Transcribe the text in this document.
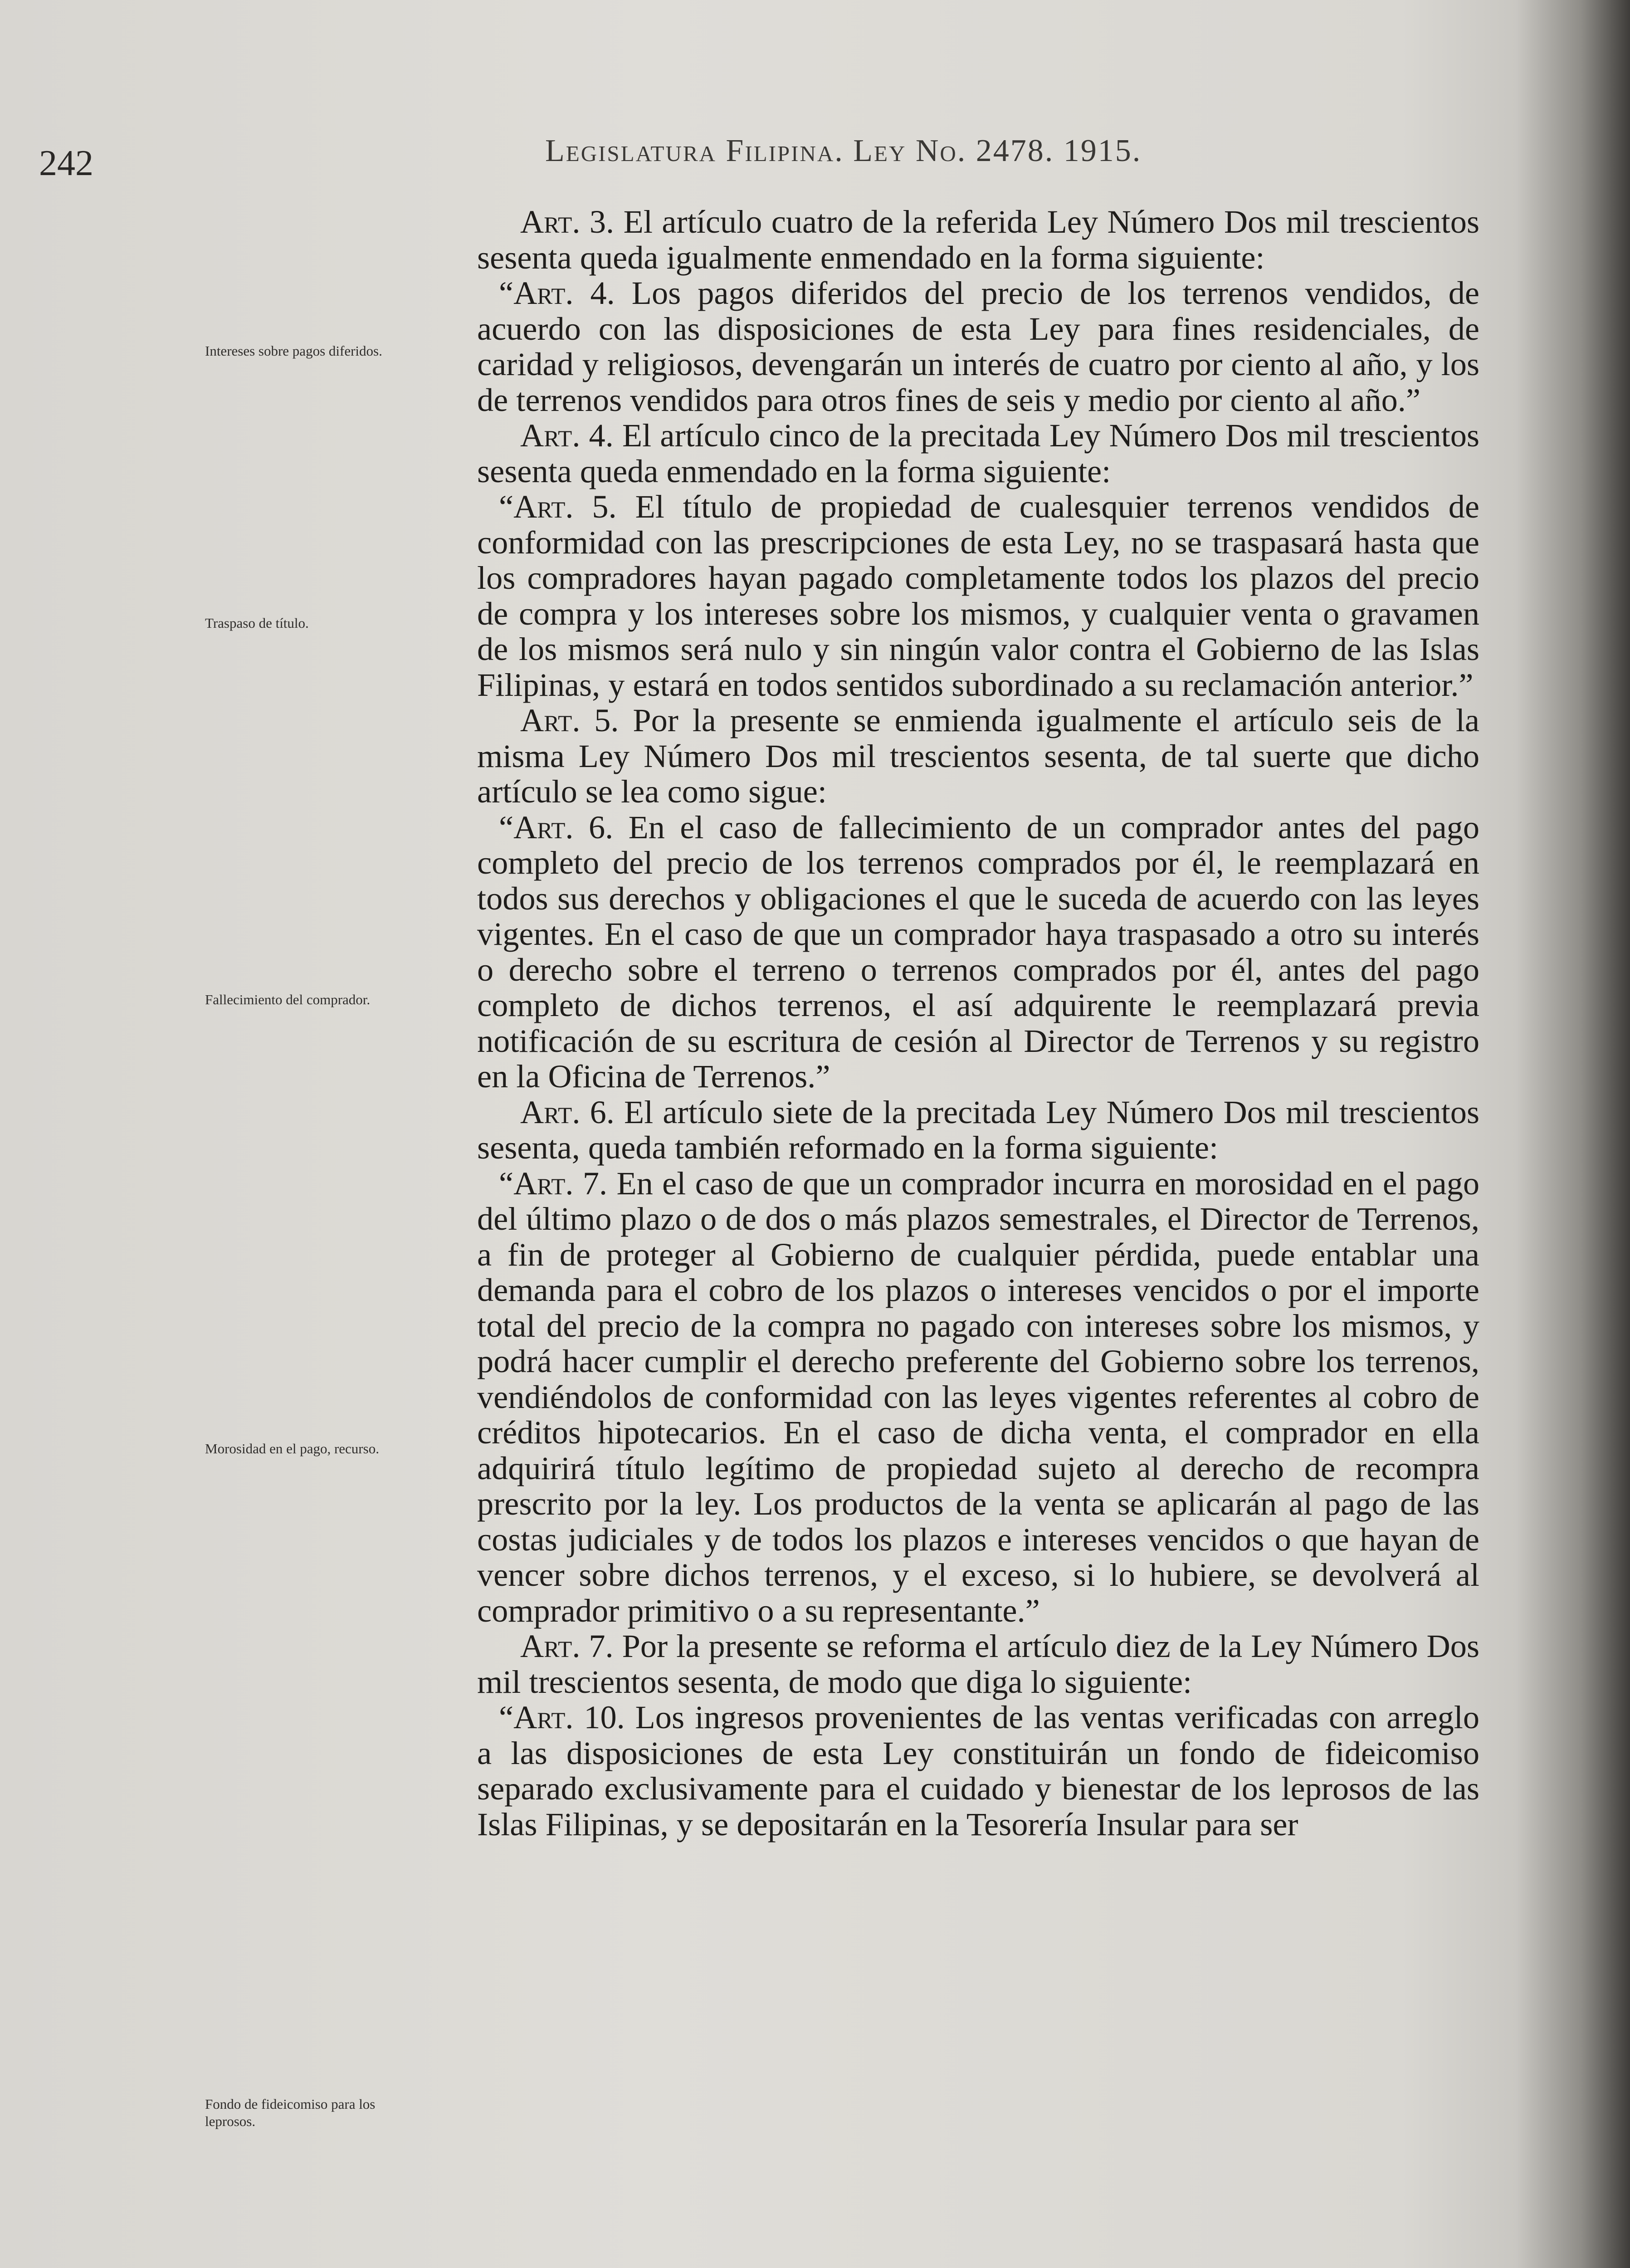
242	Legislatura Filipina. Ley No. 2478. 1915.
Intereses sobre pagos diferidos.
Traspaso de título.
Fallecimiento del comprador.
Morosidad en el pago, recurso.
Fondo de fideicomiso para los leprosos.

Art. 3. El artículo cuatro de la referida Ley Número Dos mil trescientos sesenta queda igualmente enmendado en la forma siguiente:

“Art. 4. Los pagos diferidos del precio de los terrenos vendidos, de acuerdo con las disposiciones de esta Ley para fines residenciales, de caridad y religiosos, devengarán un interés de cuatro por ciento al año, y los de terrenos vendidos para otros fines de seis y medio por ciento al año.”

Art. 4. El artículo cinco de la precitada Ley Número Dos mil trescientos sesenta queda enmendado en la forma siguiente:

“Art. 5. El título de propiedad de cualesquier terrenos vendidos de conformidad con las prescripciones de esta Ley, no se traspasará hasta que los compradores hayan pagado completamente todos los plazos del precio de compra y los intereses sobre los mismos, y cualquier venta o gravamen de los mismos será nulo y sin ningún valor contra el Gobierno de las Islas Filipinas, y estará en todos sentidos subordinado a su reclamación anterior.”

Art. 5. Por la presente se enmienda igualmente el artículo seis de la misma Ley Número Dos mil trescientos sesenta, de tal suerte que dicho artículo se lea como sigue:

“Art. 6. En el caso de fallecimiento de un comprador antes del pago completo del precio de los terrenos comprados por él, le reemplazará en todos sus derechos y obligaciones el que le suceda de acuerdo con las leyes vigentes. En el caso de que un comprador haya traspasado a otro su interés o derecho sobre el terreno o terrenos comprados por él, antes del pago completo de dichos terrenos, el así adquirente le reemplazará previa notificación de su escritura de cesión al Director de Terrenos y su registro en la Oficina de Terrenos.”

Art. 6. El artículo siete de la precitada Ley Número Dos mil trescientos sesenta, queda también reformado en la forma siguiente:

“Art. 7. En el caso de que un comprador incurra en morosidad en el pago del último plazo o de dos o más plazos semestrales, el Director de Terrenos, a fin de proteger al Gobierno de cualquier pérdida, puede entablar una demanda para el cobro de los plazos o intereses vencidos o por el importe total del precio de la compra no pagado con intereses sobre los mismos, y podrá hacer cumplir el derecho preferente del Gobierno sobre los terrenos, vendiéndolos de conformidad con las leyes vigentes referentes al cobro de créditos hipotecarios. En el caso de dicha venta, el comprador en ella adquirirá título legítimo de propiedad sujeto al derecho de recompra prescrito por la ley. Los productos de la venta se aplicarán al pago de las costas judiciales y de todos los plazos e intereses vencidos o que hayan de vencer sobre dichos terrenos, y el exceso, si lo hubiere, se devolverá al comprador primitivo o a su representante.”

Art. 7. Por la presente se reforma el artículo diez de la Ley Número Dos mil trescientos sesenta, de modo que diga lo siguiente:

“Art. 10. Los ingresos provenientes de las ventas verificadas con arreglo a las disposiciones de esta Ley constituirán un fondo de fideicomiso separado exclusivamente para el cuidado y bienestar de los leprosos de las Islas Filipinas, y se depositarán en la Tesorería Insular para ser
